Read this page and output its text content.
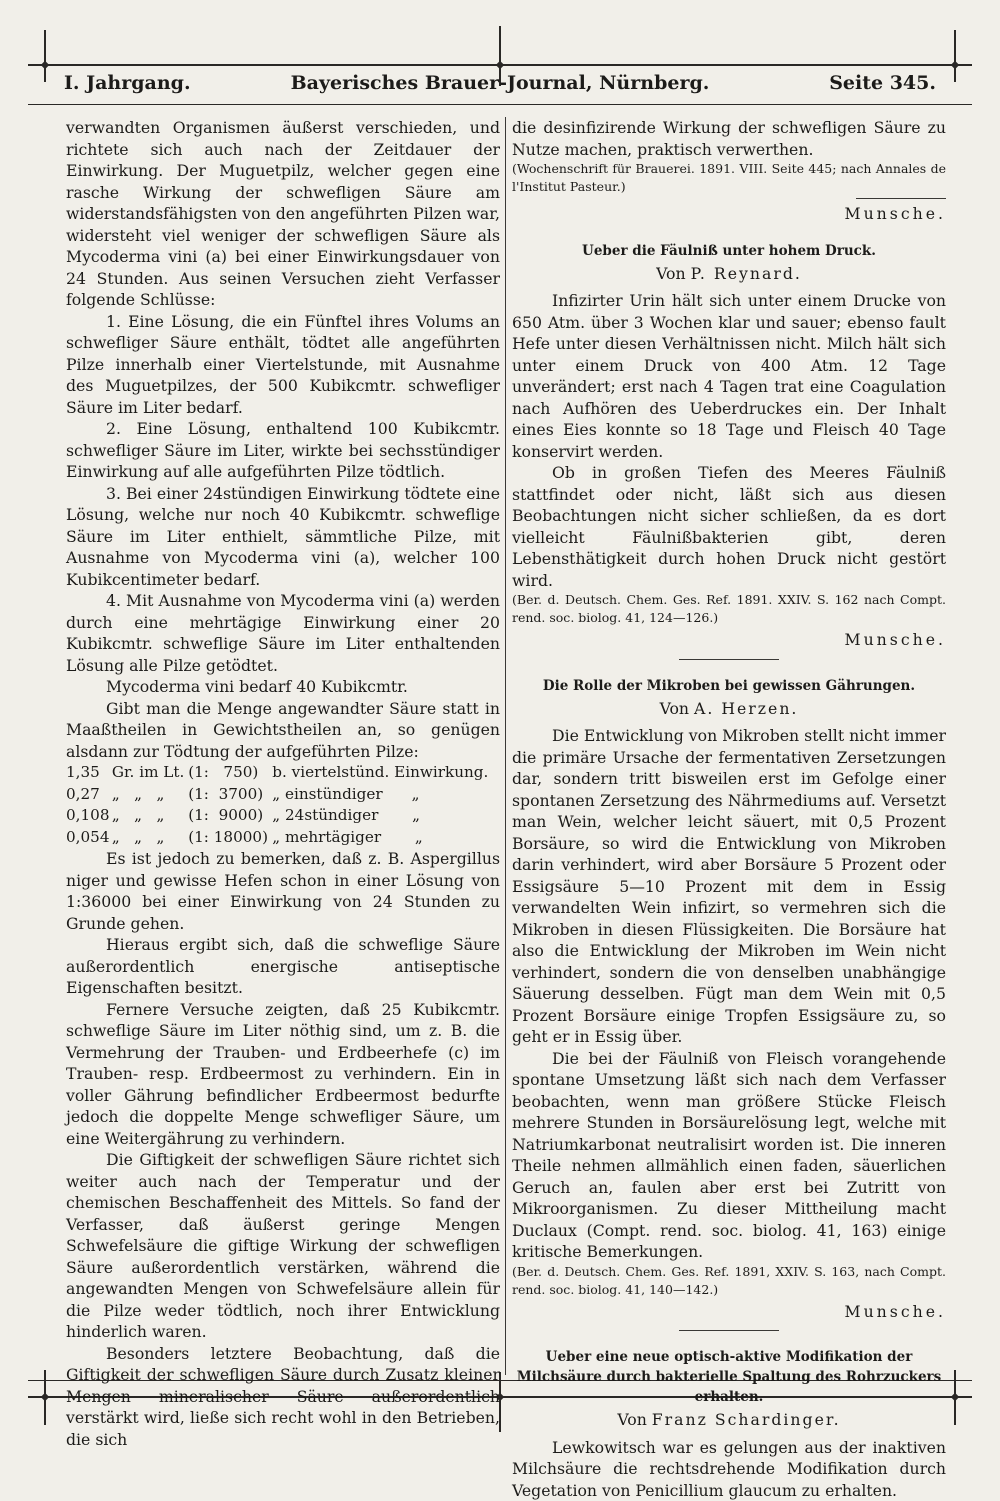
I. Jahrgang.	Bayerisches Brauer-Journal, Nürnberg.	Seite 345.

verwandten Organismen äußerst verschieden, und richtete sich auch nach der Zeitdauer der Einwirkung. Der Muguetpilz, welcher gegen eine rasche Wirkung der schwefligen Säure am widerstandsfähigsten von den angeführten Pilzen war, widersteht viel weniger der schwefligen Säure als Mycoderma vini (a) bei einer Einwirkungsdauer von 24 Stunden. Aus seinen Versuchen zieht Verfasser folgende Schlüsse:

1. Eine Lösung, die ein Fünftel ihres Volums an schwefliger Säure enthält, tödtet alle angeführten Pilze innerhalb einer Viertelstunde, mit Ausnahme des Muguetpilzes, der 500 Kubikcmtr. schwefliger Säure im Liter bedarf.

2. Eine Lösung, enthaltend 100 Kubikcmtr. schwefliger Säure im Liter, wirkte bei sechsstündiger Einwirkung auf alle aufgeführten Pilze tödtlich.

3. Bei einer 24stündigen Einwirkung tödtete eine Lösung, welche nur noch 40 Kubikcmtr. schweflige Säure im Liter enthielt, sämmtliche Pilze, mit Ausnahme von Mycoderma vini (a), welcher 100 Kubikcentimeter bedarf.

4. Mit Ausnahme von Mycoderma vini (a) werden durch eine mehrtägige Einwirkung einer 20 Kubikcmtr. schweflige Säure im Liter enthaltenden Lösung alle Pilze getödtet.

Mycoderma vini bedarf 40 Kubikcmtr.

Gibt man die Menge angewandter Säure statt in Maaßtheilen in Gewichtstheilen an, so genügen alsdann zur Tödtung der aufgeführten Pilze:

1,35	Gr. im Lt.	(1:   750)	b. viertelstünd. Einwirkung.
0,27	„   „   „	(1:  3700)	„ einstündiger      „
0,108	„   „   „	(1:  9000)	„ 24stündiger       „
0,054	„   „   „	(1: 18000)	„ mehrtägiger       „

Es ist jedoch zu bemerken, daß z. B. Aspergillus niger und gewisse Hefen schon in einer Lösung von 1:36000 bei einer Einwirkung von 24 Stunden zu Grunde gehen.

Hieraus ergibt sich, daß die schweflige Säure außerordentlich energische antiseptische Eigenschaften besitzt.

Fernere Versuche zeigten, daß 25 Kubikcmtr. schweflige Säure im Liter nöthig sind, um z. B. die Vermehrung der Trauben- und Erdbeerhefe (c) im Trauben- resp. Erdbeermost zu verhindern. Ein in voller Gährung befindlicher Erdbeermost bedurfte jedoch die doppelte Menge schwefliger Säure, um eine Weitergährung zu verhindern.

Die Giftigkeit der schwefligen Säure richtet sich weiter auch nach der Temperatur und der chemischen Beschaffenheit des Mittels. So fand der Verfasser, daß äußerst geringe Mengen Schwefelsäure die giftige Wirkung der schwefligen Säure außerordentlich verstärken, während die angewandten Mengen von Schwefelsäure allein für die Pilze weder tödtlich, noch ihrer Entwicklung hinderlich waren.

Besonders letztere Beobachtung, daß die Giftigkeit der schwefligen Säure durch Zusatz kleiner Mengen mineralischer Säure außerordentlich verstärkt wird, ließe sich recht wohl in den Betrieben, die sich

die desinfizirende Wirkung der schwefligen Säure zu Nutze machen, praktisch verwerthen.

(Wochenschrift für Brauerei. 1891. VIII. Seite 445; nach Annales de l'Institut Pasteur.)

Munsche.

Ueber die Fäulniß unter hohem Druck.

Von P. Reynard.

Infizirter Urin hält sich unter einem Drucke von 650 Atm. über 3 Wochen klar und sauer; ebenso fault Hefe unter diesen Verhältnissen nicht. Milch hält sich unter einem Druck von 400 Atm. 12 Tage unverändert; erst nach 4 Tagen trat eine Coagulation nach Aufhören des Ueberdruckes ein. Der Inhalt eines Eies konnte so 18 Tage und Fleisch 40 Tage konservirt werden.

Ob in großen Tiefen des Meeres Fäulniß stattfindet oder nicht, läßt sich aus diesen Beobachtungen nicht sicher schließen, da es dort vielleicht Fäulnißbakterien gibt, deren Lebensthätigkeit durch hohen Druck nicht gestört wird.

(Ber. d. Deutsch. Chem. Ges. Ref. 1891. XXIV. S. 162 nach Compt. rend. soc. biolog. 41, 124—126.)

Munsche.

Die Rolle der Mikroben bei gewissen Gährungen.

Von A. Herzen.

Die Entwicklung von Mikroben stellt nicht immer die primäre Ursache der fermentativen Zersetzungen dar, sondern tritt bisweilen erst im Gefolge einer spontanen Zersetzung des Nährmediums auf. Versetzt man Wein, welcher leicht säuert, mit 0,5 Prozent Borsäure, so wird die Entwicklung von Mikroben darin verhindert, wird aber Borsäure 5 Prozent oder Essigsäure 5—10 Prozent mit dem in Essig verwandelten Wein infizirt, so vermehren sich die Mikroben in diesen Flüssigkeiten. Die Borsäure hat also die Entwicklung der Mikroben im Wein nicht verhindert, sondern die von denselben unabhängige Säuerung desselben. Fügt man dem Wein mit 0,5 Prozent Borsäure einige Tropfen Essigsäure zu, so geht er in Essig über.

Die bei der Fäulniß von Fleisch vorangehende spontane Umsetzung läßt sich nach dem Verfasser beobachten, wenn man größere Stücke Fleisch mehrere Stunden in Borsäurelösung legt, welche mit Natriumkarbonat neutralisirt worden ist. Die inneren Theile nehmen allmählich einen faden, säuerlichen Geruch an, faulen aber erst bei Zutritt von Mikroorganismen. Zu dieser Mittheilung macht Duclaux (Compt. rend. soc. biolog. 41, 163) einige kritische Bemerkungen.

(Ber. d. Deutsch. Chem. Ges. Ref. 1891, XXIV. S. 163, nach Compt. rend. soc. biolog. 41, 140—142.)

Munsche.

Ueber eine neue optisch-aktive Modifikation der Milchsäure durch bakterielle Spaltung des Rohrzuckers erhalten.

Von Franz Schardinger.

Lewkowitsch war es gelungen aus der inaktiven Milchsäure die rechtsdrehende Modifikation durch Vegetation von Penicillium glaucum zu erhalten.
